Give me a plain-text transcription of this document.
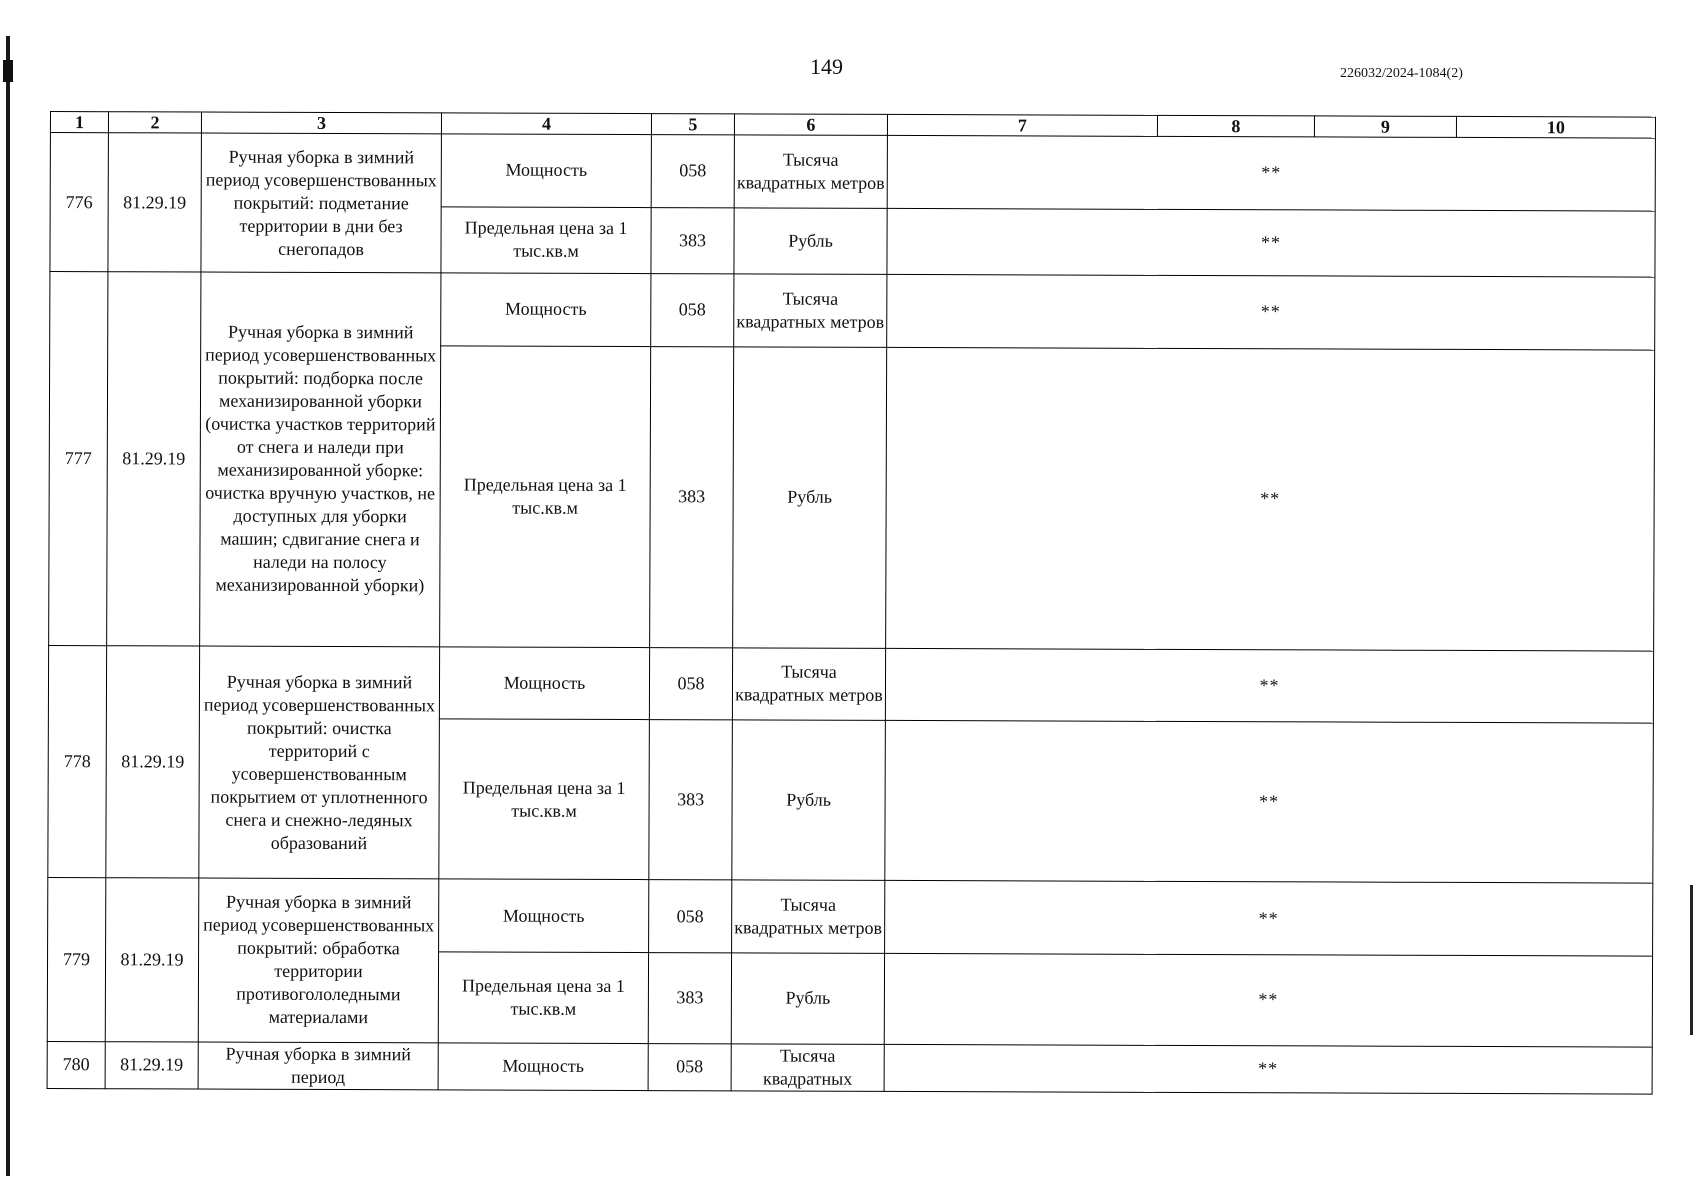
149	226032/2024-1084(2)
1	2	3	4	5	6	7	8	9	10
776	81.29.19	Ручная уборка в зимний период усовершенствованных покрытий: подметание территории в дни без снегопадов	Мощность	058	Тысяча квадратных метров	**			
			Предельная цена за 1 тыс.кв.м	383	Рубль	**			
777	81.29.19	Ручная уборка в зимний период усовершенствованных покрытий: подборка после механизированной уборки (очистка участков территорий от снега и наледи при механизированной уборке: очистка вручную участков, не доступных для уборки машин; сдвигание снега и наледи на полосу механизированной уборки)	Мощность	058	Тысяча квадратных метров	**			
			Предельная цена за 1 тыс.кв.м	383	Рубль	**			
778	81.29.19	Ручная уборка в зимний период усовершенствованных покрытий: очистка территорий с усовершенствованным покрытием от уплотненного снега и снежно-ледяных образований	Мощность	058	Тысяча квадратных метров	**			
			Предельная цена за 1 тыс.кв.м	383	Рубль	**			
779	81.29.19	Ручная уборка в зимний период усовершенствованных покрытий: обработка территории противогололедными материалами	Мощность	058	Тысяча квадратных метров	**			
			Предельная цена за 1 тыс.кв.м	383	Рубль	**			
780	81.29.19	Ручная уборка в зимний период	Мощность	058	Тысяча квадратных	**			
